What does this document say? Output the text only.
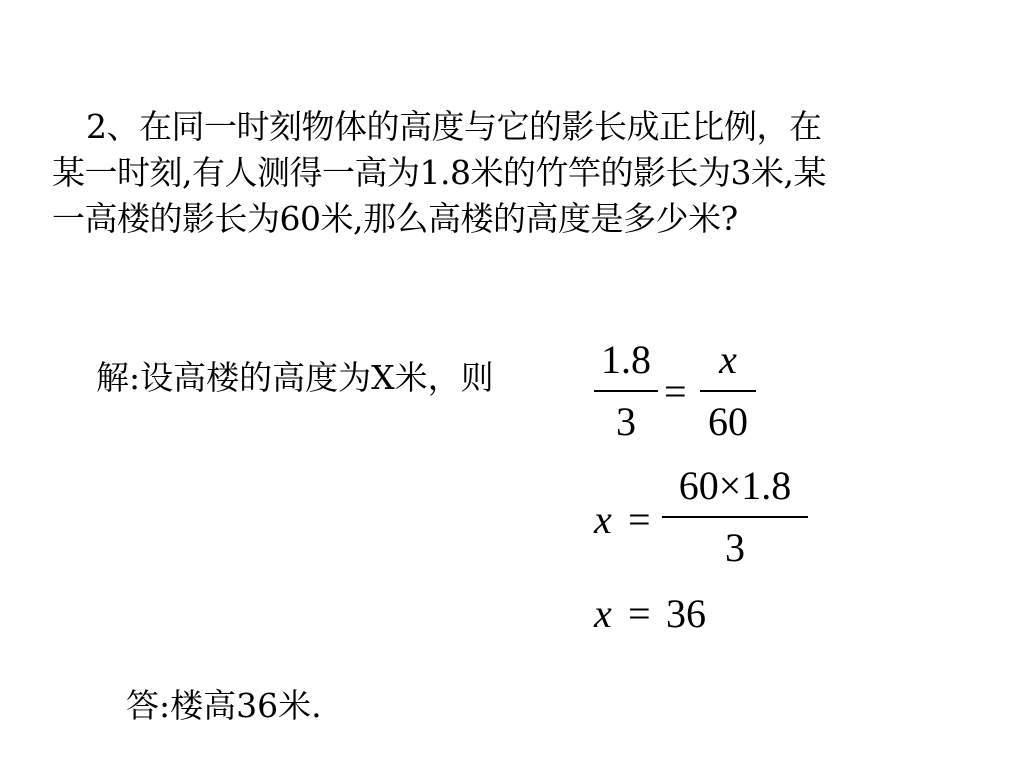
2、在同一时刻物体的高度与它的影长成正比例，在
某一时刻,有人测得一高为1.8米的竹竿的影长为3米,某
一高楼的影长为60米,那么高楼的高度是多少米?
解:设高楼的高度为X米，则	1.8
3
=
x
60
x =
60×1.8
3
x = 36
答:楼高36米.
